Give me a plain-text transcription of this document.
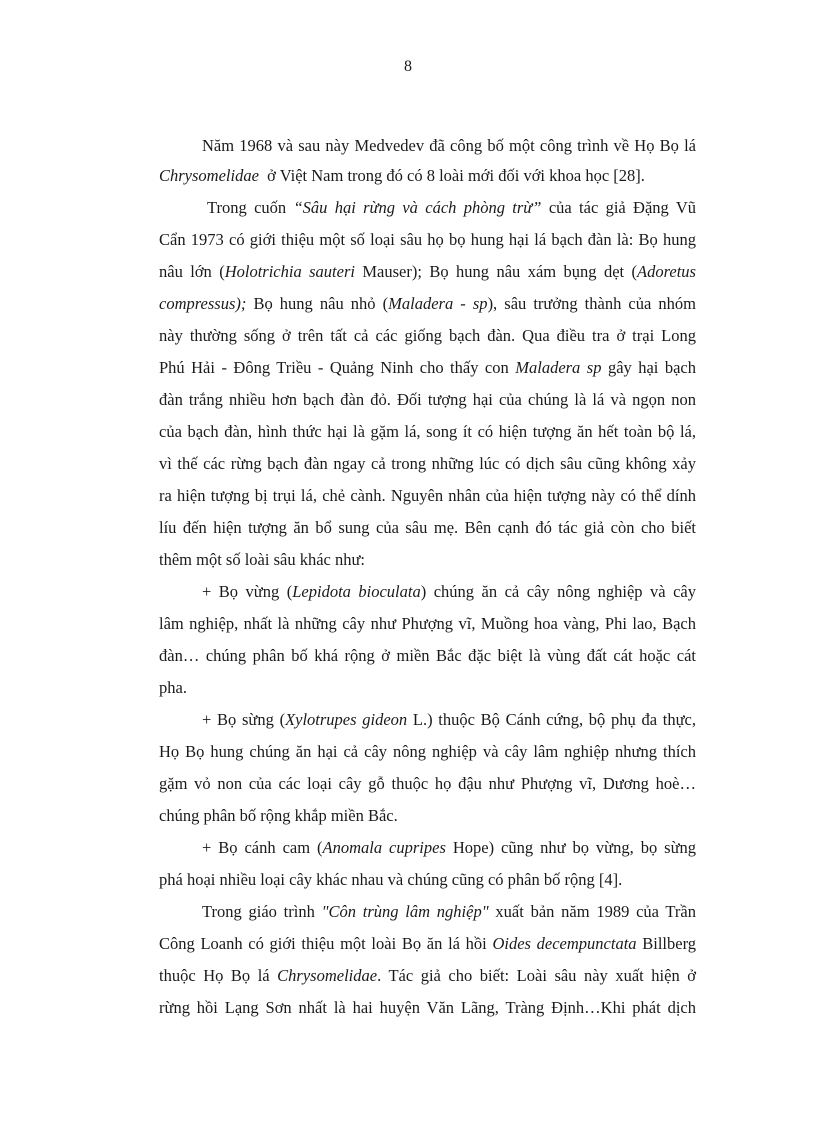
8
Năm 1968 và sau này Medvedev đã công bố một công trình về Họ Bọ lá
Chrysomelidae ở Việt Nam trong đó có 8 loài mới đối với khoa học [28].
Trong cuốn “Sâu hại rừng và cách phòng trừ” của tác giả Đặng Vũ
Cẩn 1973 có giới thiệu một số loại sâu họ bọ hung hại lá bạch đàn là: Bọ hung
nâu lớn (Holotrichia sauteri Mauser); Bọ hung nâu xám bụng dẹt (Adoretus
compressus); Bọ hung nâu nhỏ (Maladera - sp), sâu trưởng thành của nhóm
này thường sống ở trên tất cả các giống bạch đàn. Qua điều tra ở trại Long
Phú Hải - Đông Triều - Quảng Ninh cho thấy con Maladera sp gây hại bạch
đàn trắng nhiều hơn bạch đàn đỏ. Đối tượng hại của chúng là lá và ngọn non
của bạch đàn, hình thức hại là gặm lá, song ít có hiện tượng ăn hết toàn bộ lá,
vì thế các rừng bạch đàn ngay cả trong những lúc có dịch sâu cũng không xảy
ra hiện tượng bị trụi lá, chẻ cành. Nguyên nhân của hiện tượng này có thể dính
líu đến hiện tượng ăn bổ sung của sâu mẹ. Bên cạnh đó tác giả còn cho biết
thêm một số loài sâu khác như:
+ Bọ vừng (Lepidota bioculata) chúng ăn cả cây nông nghiệp và cây
lâm nghiệp, nhất là những cây như Phượng vĩ, Muồng hoa vàng, Phi lao, Bạch
đàn… chúng phân bố khá rộng ở miền Bắc đặc biệt là vùng đất cát hoặc cát
pha.
+ Bọ sừng (Xylotrupes gideon L.) thuộc Bộ Cánh cứng, bộ phụ đa thực,
Họ Bọ hung chúng ăn hại cả cây nông nghiệp và cây lâm nghiệp nhưng thích
gặm vỏ non của các loại cây gỗ thuộc họ đậu như Phượng vĩ, Dương hoè…
chúng phân bố rộng khắp miền Bắc.
+ Bọ cánh cam (Anomala cupripes Hope) cũng như bọ vừng, bọ sừng
phá hoại nhiều loại cây khác nhau và chúng cũng có phân bố rộng [4].
Trong giáo trình "Côn trùng lâm nghiệp" xuất bản năm 1989 của Trần
Công Loanh có giới thiệu một loài Bọ ăn lá hồi Oides decempunctata Billberg
thuộc Họ Bọ lá Chrysomelidae. Tác giả cho biết: Loài sâu này xuất hiện ở
rừng hồi Lạng Sơn nhất là hai huyện Văn Lãng, Tràng Định…Khi phát dịch
